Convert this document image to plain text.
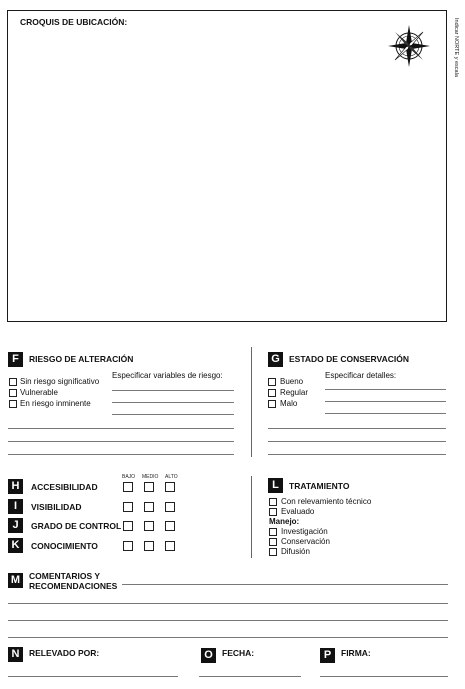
CROQUIS DE UBICACIÓN:	Indicar NORTE y escala
F	RIESGO DE ALTERACIÓN
Sin riesgo significativo
Vulnerable
En riesgo inminente
Especificar variables de riesgo:
G	ESTADO DE CONSERVACIÓN
Bueno
Regular
Malo
Especificar detalles:
BAJO MEDIO ALTO
H	ACCESIBILIDAD
I	VISIBILIDAD
J	GRADO DE CONTROL
K	CONOCIMIENTO
L	TRATAMIENTO
Con relevamiento técnico
Evaluado
Manejo:
Investigación
Conservación
Difusión
M	COMENTARIOS Y
RECOMENDACIONES
N	RELEVADO POR:	O	FECHA:	P	FIRMA:
